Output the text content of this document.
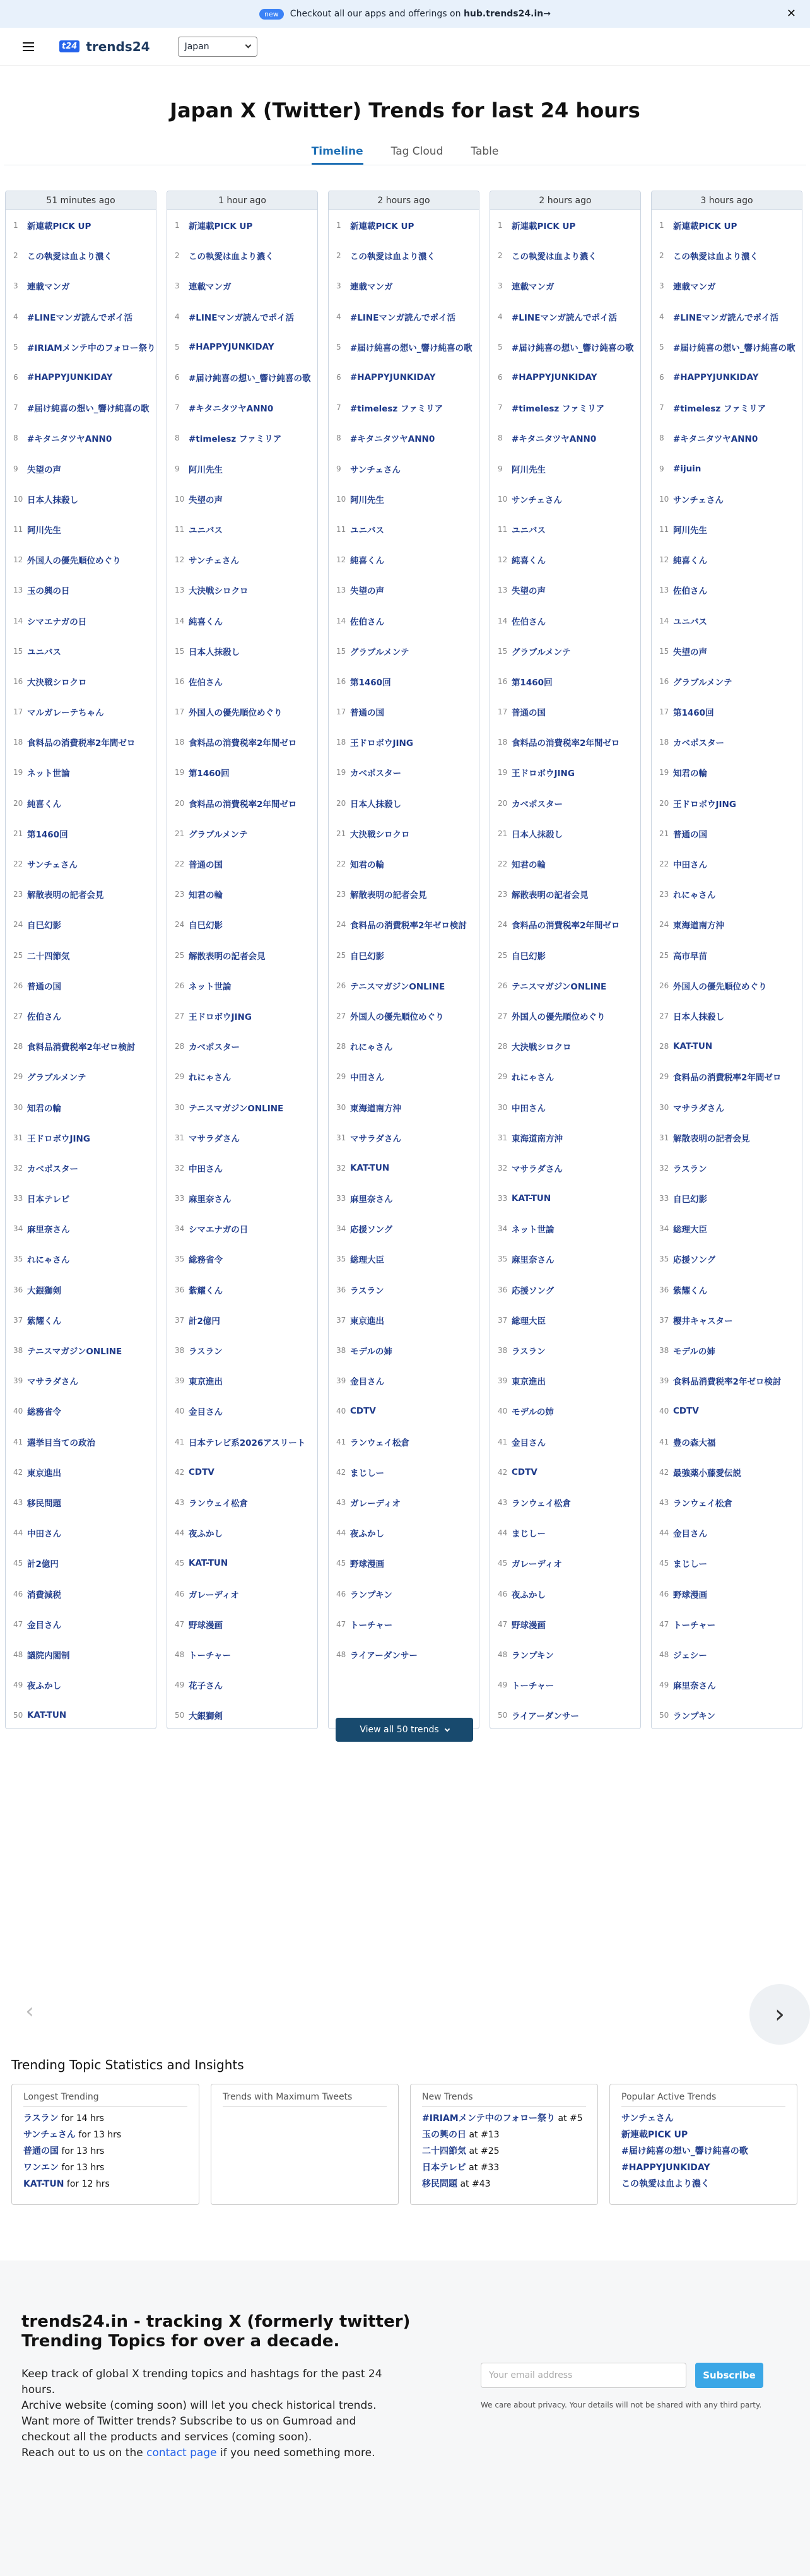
new	Checkout all our apps and offerings on
hub.trends24.in →	✕
t24 trends24	Japan
Japan X (Twitter) Trends for last 24 hours
Timeline	Tag Cloud	Table
3 hours ago
1	新連載PICK UP
2	この執愛は血より濃く
3	連載マンガ
4	#LINEマンガ読んでポイ活
5	#届け純喜の想い_響け純喜の歌
6	#HAPPYJUNKIDAY
7	#timelesz ファミリア
8	#キタニタツヤANN0
9	#ijuin
10 サンチェさん
11 阿川先生
12 純喜くん
13 佐伯さん
14 ユニバス
15 失望の声
16 グラブルメンテ
17 第1460回
18 カベポスター
19 知君の輪
20 王ドロボウJING
21 普通の国
22 中田さん
23 れにゃさん
24 東海道南方沖
25 高市早苗
26 外国人の優先順位めぐり
27 日本人抹殺し
28 KAT-TUN
29 食料品の消費税率2年間ゼロ
30 マサラダさん
31 解散表明の記者会見
32 ラスラン
33 自巳幻影
34 総理大臣
35 応援ソング
36 紫耀くん
37 櫻井キャスター
38 モデルの姉
39 食料品消費税率2年ゼロ検討
40 CDTV
41 豊の森大福
42 最強薬小藤愛伝説
43 ランウェイ松倉
44 金目さん
45 まじしー
46 野球漫画
47 トーチャー
48 ジェシー
49 麻里奈さん
50 ランプキン
2 hours ago
1	新連載PICK UP
2	この執愛は血より濃く
3	連載マンガ
4	#LINEマンガ読んでポイ活
5	#届け純喜の想い_響け純喜の歌
6	#HAPPYJUNKIDAY
7	#timelesz ファミリア
8	#キタニタツヤANN0
9	阿川先生
10 サンチェさん
11 ユニバス
12 純喜くん
13 失望の声
14 佐伯さん
15 グラブルメンテ
16 第1460回
17 普通の国
18 食料品の消費税率2年間ゼロ
19 王ドロボウJING
20 カベポスター
21 日本人抹殺し
22 知君の輪
23 解散表明の記者会見
24 食料品の消費税率2年間ゼロ
25 自巳幻影
26 テニスマガジンONLINE
27 外国人の優先順位めぐり
28 大決戦シロクロ
29 れにゃさん
30 中田さん
31 東海道南方沖
32 マサラダさん
33 KAT-TUN
34 ネット世論
35 麻里奈さん
36 応援ソング
37 総理大臣
38 ラスラン
39 東京進出
40 モデルの姉
41 金目さん
42 CDTV
43 ランウェイ松倉
44 まじしー
45 ガレーディオ
46 夜ふかし
47 野球漫画
48 ランプキン
49 トーチャー
50 ライアーダンサー
2 hours ago
1	新連載PICK UP
2	この執愛は血より濃く
3	連載マンガ
4	#LINEマンガ読んでポイ活
5	#届け純喜の想い_響け純喜の歌
6	#HAPPYJUNKIDAY
7	#timelesz ファミリア
8	#キタニタツヤANN0
9	サンチェさん
10 阿川先生
11 ユニバス
12 純喜くん
13 失望の声
14 佐伯さん
15 グラブルメンテ
16 第1460回
17 普通の国
18 王ドロボウJING
19 カベポスター
20 日本人抹殺し
21 大決戦シロクロ
22 知君の輪
23 解散表明の記者会見
24 食料品の消費税率2年ゼロ検討
25 自巳幻影
26 テニスマガジンONLINE
27 外国人の優先順位めぐり
28 れにゃさん
29 中田さん
30 東海道南方沖
31 マサラダさん
32 KAT-TUN
33 麻里奈さん
34 応援ソング
35 総理大臣
36 ラスラン
37 東京進出
38 モデルの姉
39 金目さん
40 CDTV
41 ランウェイ松倉
42 まじしー
43 ガレーディオ
44 夜ふかし
45 野球漫画
46 ランプキン
47 トーチャー
48 ライアーダンサー
1 hour ago
1	新連載PICK UP
2	この執愛は血より濃く
3	連載マンガ
4	#LINEマンガ読んでポイ活
5	#HAPPYJUNKIDAY
6	#届け純喜の想い_響け純喜の歌
7	#キタニタツヤANN0
8	#timelesz ファミリア
9	阿川先生
10 失望の声
11 ユニバス
12 サンチェさん
13 大決戦シロクロ
14 純喜くん
15 日本人抹殺し
16 佐伯さん
17 外国人の優先順位めぐり
18 食料品の消費税率2年間ゼロ
19 第1460回
20 食料品の消費税率2年間ゼロ
21 グラブルメンテ
22 普通の国
23 知君の輪
24 自巳幻影
25 解散表明の記者会見
26 ネット世論
27 王ドロボウJING
28 カベポスター
29 れにゃさん
30 テニスマガジンONLINE
31 マサラダさん
32 中田さん
33 麻里奈さん
34 シマエナガの日
35 総務省令
36 紫耀くん
37 計2億円
38 ラスラン
39 東京進出
40 金目さん
41 日本テレビ系2026アスリート
42 CDTV
43 ランウェイ松倉
44 夜ふかし
45 KAT-TUN
46 ガレーディオ
47 野球漫画
48 トーチャー
49 花子さん
50 大銀獅剣
51 minutes ago
1	新連載PICK UP
2	この執愛は血より濃く
3	連載マンガ
4	#LINEマンガ読んでポイ活
5	#IRIAMメンテ中のフォロー祭り
6	#HAPPYJUNKIDAY
7	#届け純喜の想い_響け純喜の歌
8	#キタニタツヤANN0
9	失望の声
10 日本人抹殺し
11 阿川先生
12 外国人の優先順位めぐり
13 玉の興の日
14 シマエナガの日
15 ユニバス
16 大決戦シロクロ
17 マルガレーテちゃん
18 食料品の消費税率2年間ゼロ
19 ネット世論
20 純喜くん
21 第1460回
22 サンチェさん
23 解散表明の記者会見
24 自巳幻影
25 二十四節気
26 普通の国
27 佐伯さん
28 食料品消費税率2年ゼロ検討
29 グラブルメンテ
30 知君の輪
31 王ドロボウJING
32 カベポスター
33 日本テレビ
34 麻里奈さん
35 れにゃさん
36 大銀獅剣
37 紫耀くん
38 テニスマガジンONLINE
39 マサラダさん
40 総務省令
41 選挙目当ての政治
42 東京進出
43 移民問題
44 中田さん
45 計2億円
46 消費減税
47 金目さん
48 議院内閣制
49 夜ふかし
50 KAT-TUN
View all 50 trends
‹	›
Trending Topic Statistics and Insights
Longest Trending
ラスラン for 14 hrs
サンチェさん for 13 hrs
普通の国 for 13 hrs
ワンエン for 13 hrs
KAT-TUN for 12 hrs
Trends with Maximum Tweets	New Trends
#IRIAMメンテ中のフォロー祭り at #5
玉の興の日 at #13
二十四節気 at #25
日本テレビ at #33
移民問題 at #43
Popular Active Trends
サンチェさん
新連載PICK UP
#届け純喜の想い_響け純喜の歌
#HAPPYJUNKIDAY
この執愛は血より濃く
trends24.in - tracking X (formerly twitter)
Trending Topics for over a decade.
Keep track of global X trending topics and hashtags for the past 24 hours.
Archive website (coming soon) will let you check historical trends.
Want more of Twitter trends? Subscribe to us on Gumroad and checkout all the products and services (coming soon).
Reach out to us on the contact page if you need something more.
Your email address	Subscribe
We care about privacy. Your details will not be shared with any third party.
